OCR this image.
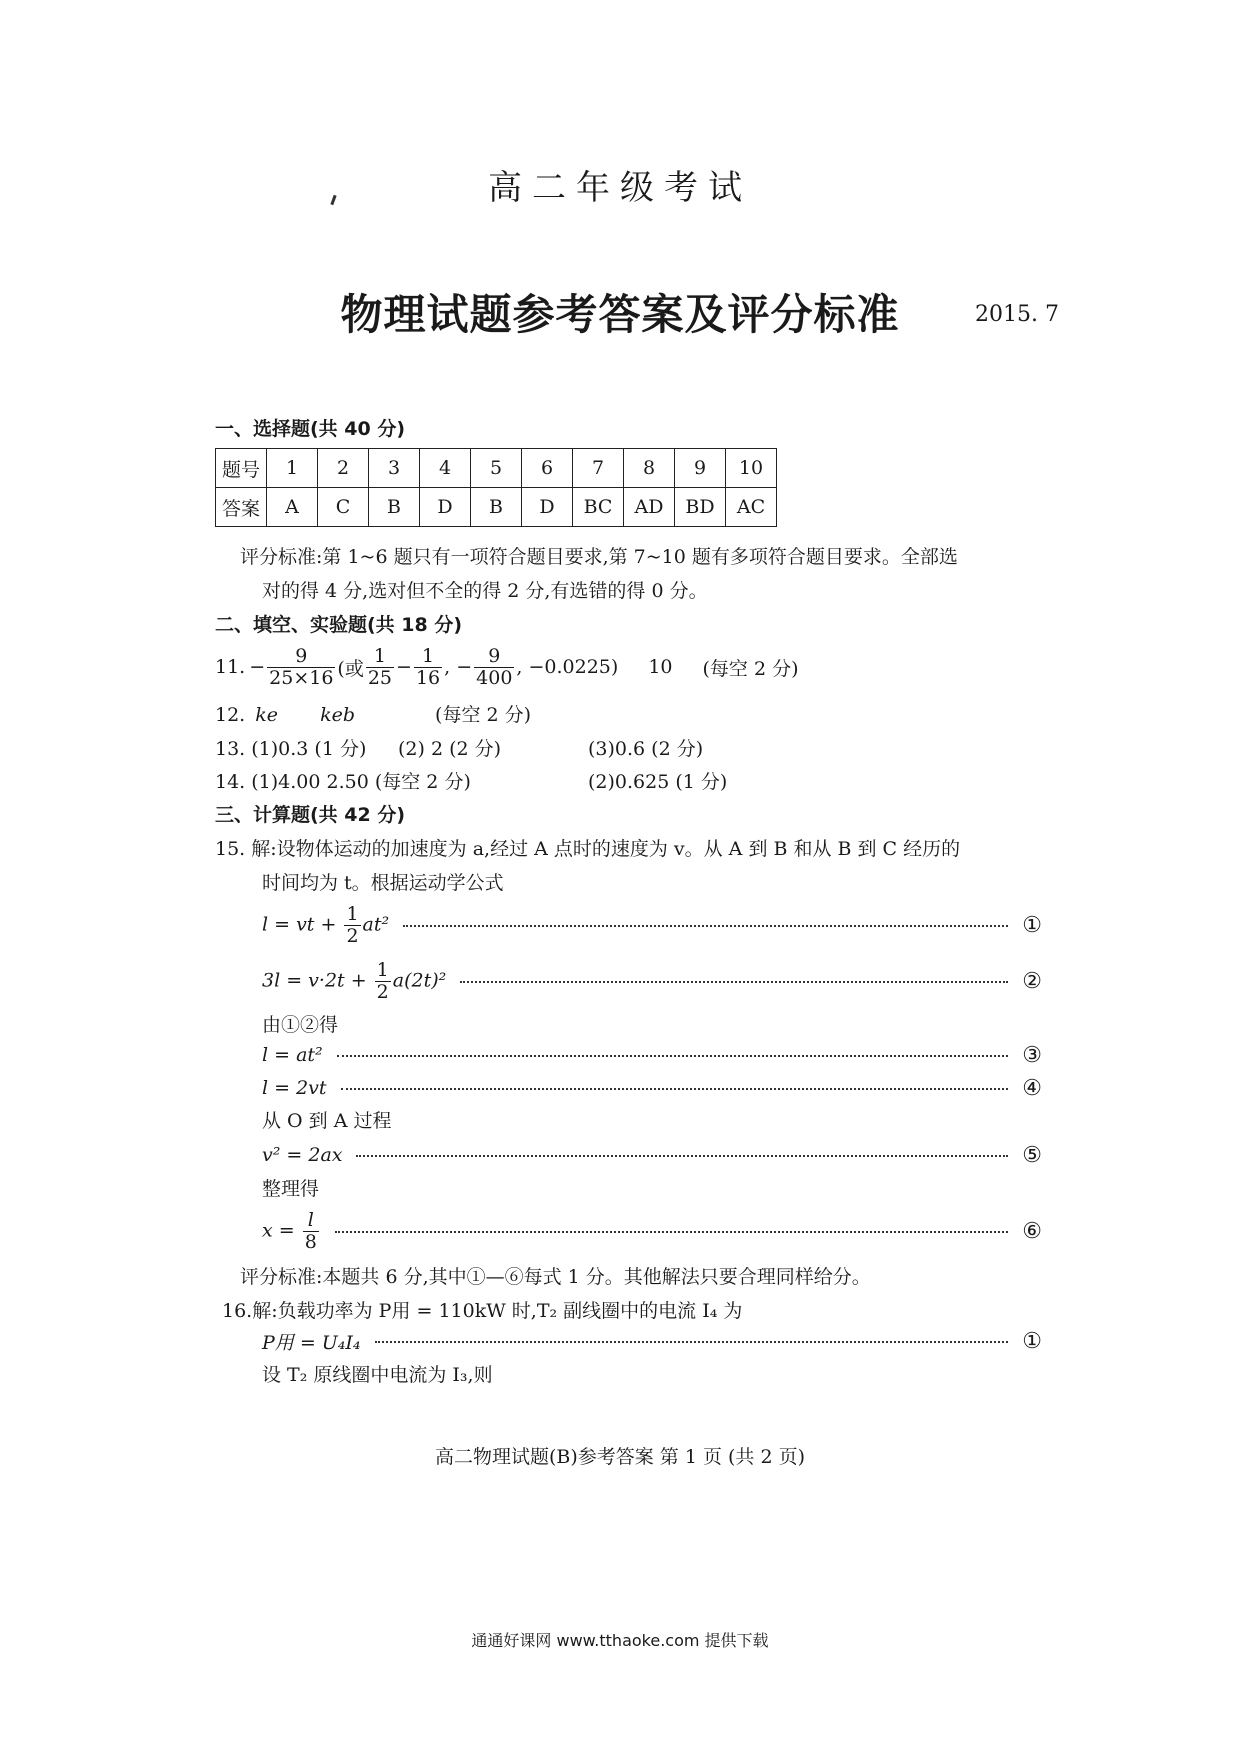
高二年级考试
物理试题参考答案及评分标准	2015. 7
一、选择题(共 40 分)
题号	1	2	3	4	5	6	7	8	9	10
答案	A	C	B	D	B	D	BC	AD	BD	AC
评分标准:第 1~6 题只有一项符合题目要求,第 7~10 题有多项符合题目要求。全部选
对的得 4 分,选对但不全的得 2 分,有选错的得 0 分。
二、填空、实验题(共 18 分)
11. − $\frac{9}{25\times 16}$ (或 $\frac{1}{25} - \frac{1}{16}$ , − $\frac{9}{400}$ , −0.0225) 10 (每空 2 分)
12. ke keb	(每空 2 分)
13. (1)0.3 (1 分) (2) 2 (2 分)	(3)0.6 (2 分)
14. (1)4.00 2.50 (每空 2 分)	(2)0.625 (1 分)
三、计算题(共 42 分)
15. 解:设物体运动的加速度为 a,经过 A 点时的速度为 v。从 A 到 B 和从 B 到 C 经历的
时间均为 t。根据运动学公式
l = vt + $\frac{1}{2} at^2$	①
$3l = v\cdot 2t + \frac{1}{2} a(2t)^2$	②
由①②得
l = at²	③
l = 2vt	④
从 O 到 A 过程
v² = 2ax	⑤
整理得
$x = \frac{l}{8}$	⑥
评分标准:本题共 6 分,其中①—⑥每式 1 分。其他解法只要合理同样给分。
16.解:负载功率为 P用 = 110kW 时,T₂ 副线圈中的电流 I₄ 为
P用 = U₄I₄	①
设 T₂ 原线圈中电流为 I₃,则
高二物理试题(B)参考答案 第 1 页 (共 2 页)
通通好课网 www.tthaoke.com 提供下载
